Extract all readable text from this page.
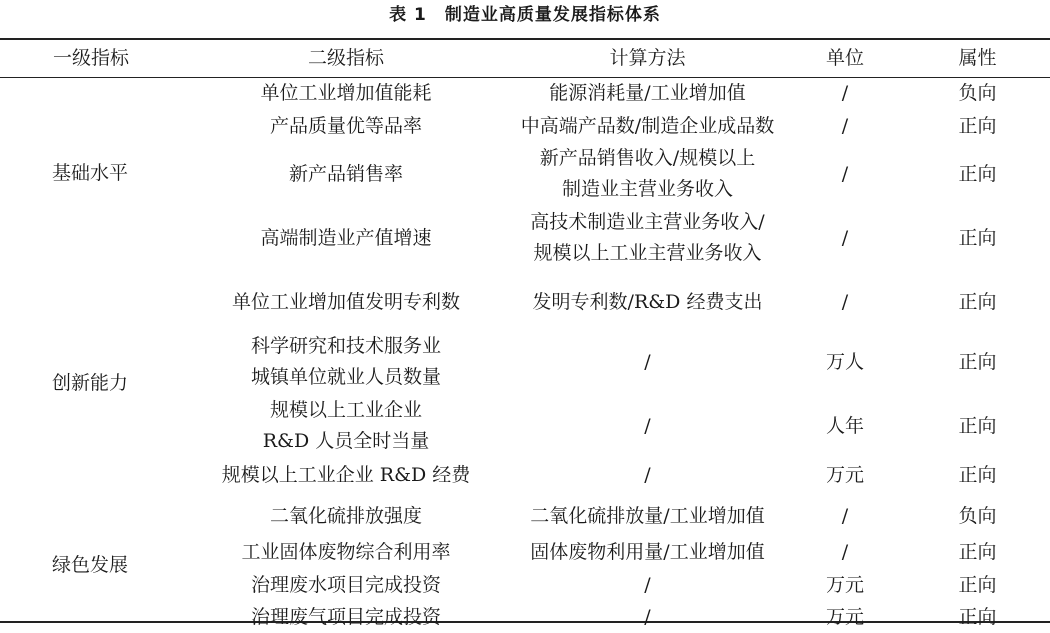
表 1 制造业高质量发展指标体系
一级指标	二级指标	计算方法	单位	属性
基础水平	单位工业增加值能耗	能源消耗量/工业增加值	/	负向
	产品质量优等品率	中高端产品数/制造企业成品数	/	正向
	新产品销售率	新产品销售收入/规模以上
制造业主营业务收入	/	正向
	高端制造业产值增速	高技术制造业主营业务收入/
规模以上工业主营业务收入	/	正向
创新能力	单位工业增加值发明专利数	发明专利数/R&D 经费支出	/	正向

	科学研究和技术服务业
城镇单位就业人员数量	/	万人	正向

	规模以上工业企业
R&D 人员全时当量	/	人年	正向
	规模以上工业企业 R&D 经费	/	万元	正向
绿色发展	二氧化硫排放强度	二氧化硫排放量/工业增加值	/	负向
	工业固体废物综合利用率	固体废物利用量/工业增加值	/	正向
	治理废水项目完成投资	/	万元	正向
	治理废气项目完成投资	/	万元	正向
